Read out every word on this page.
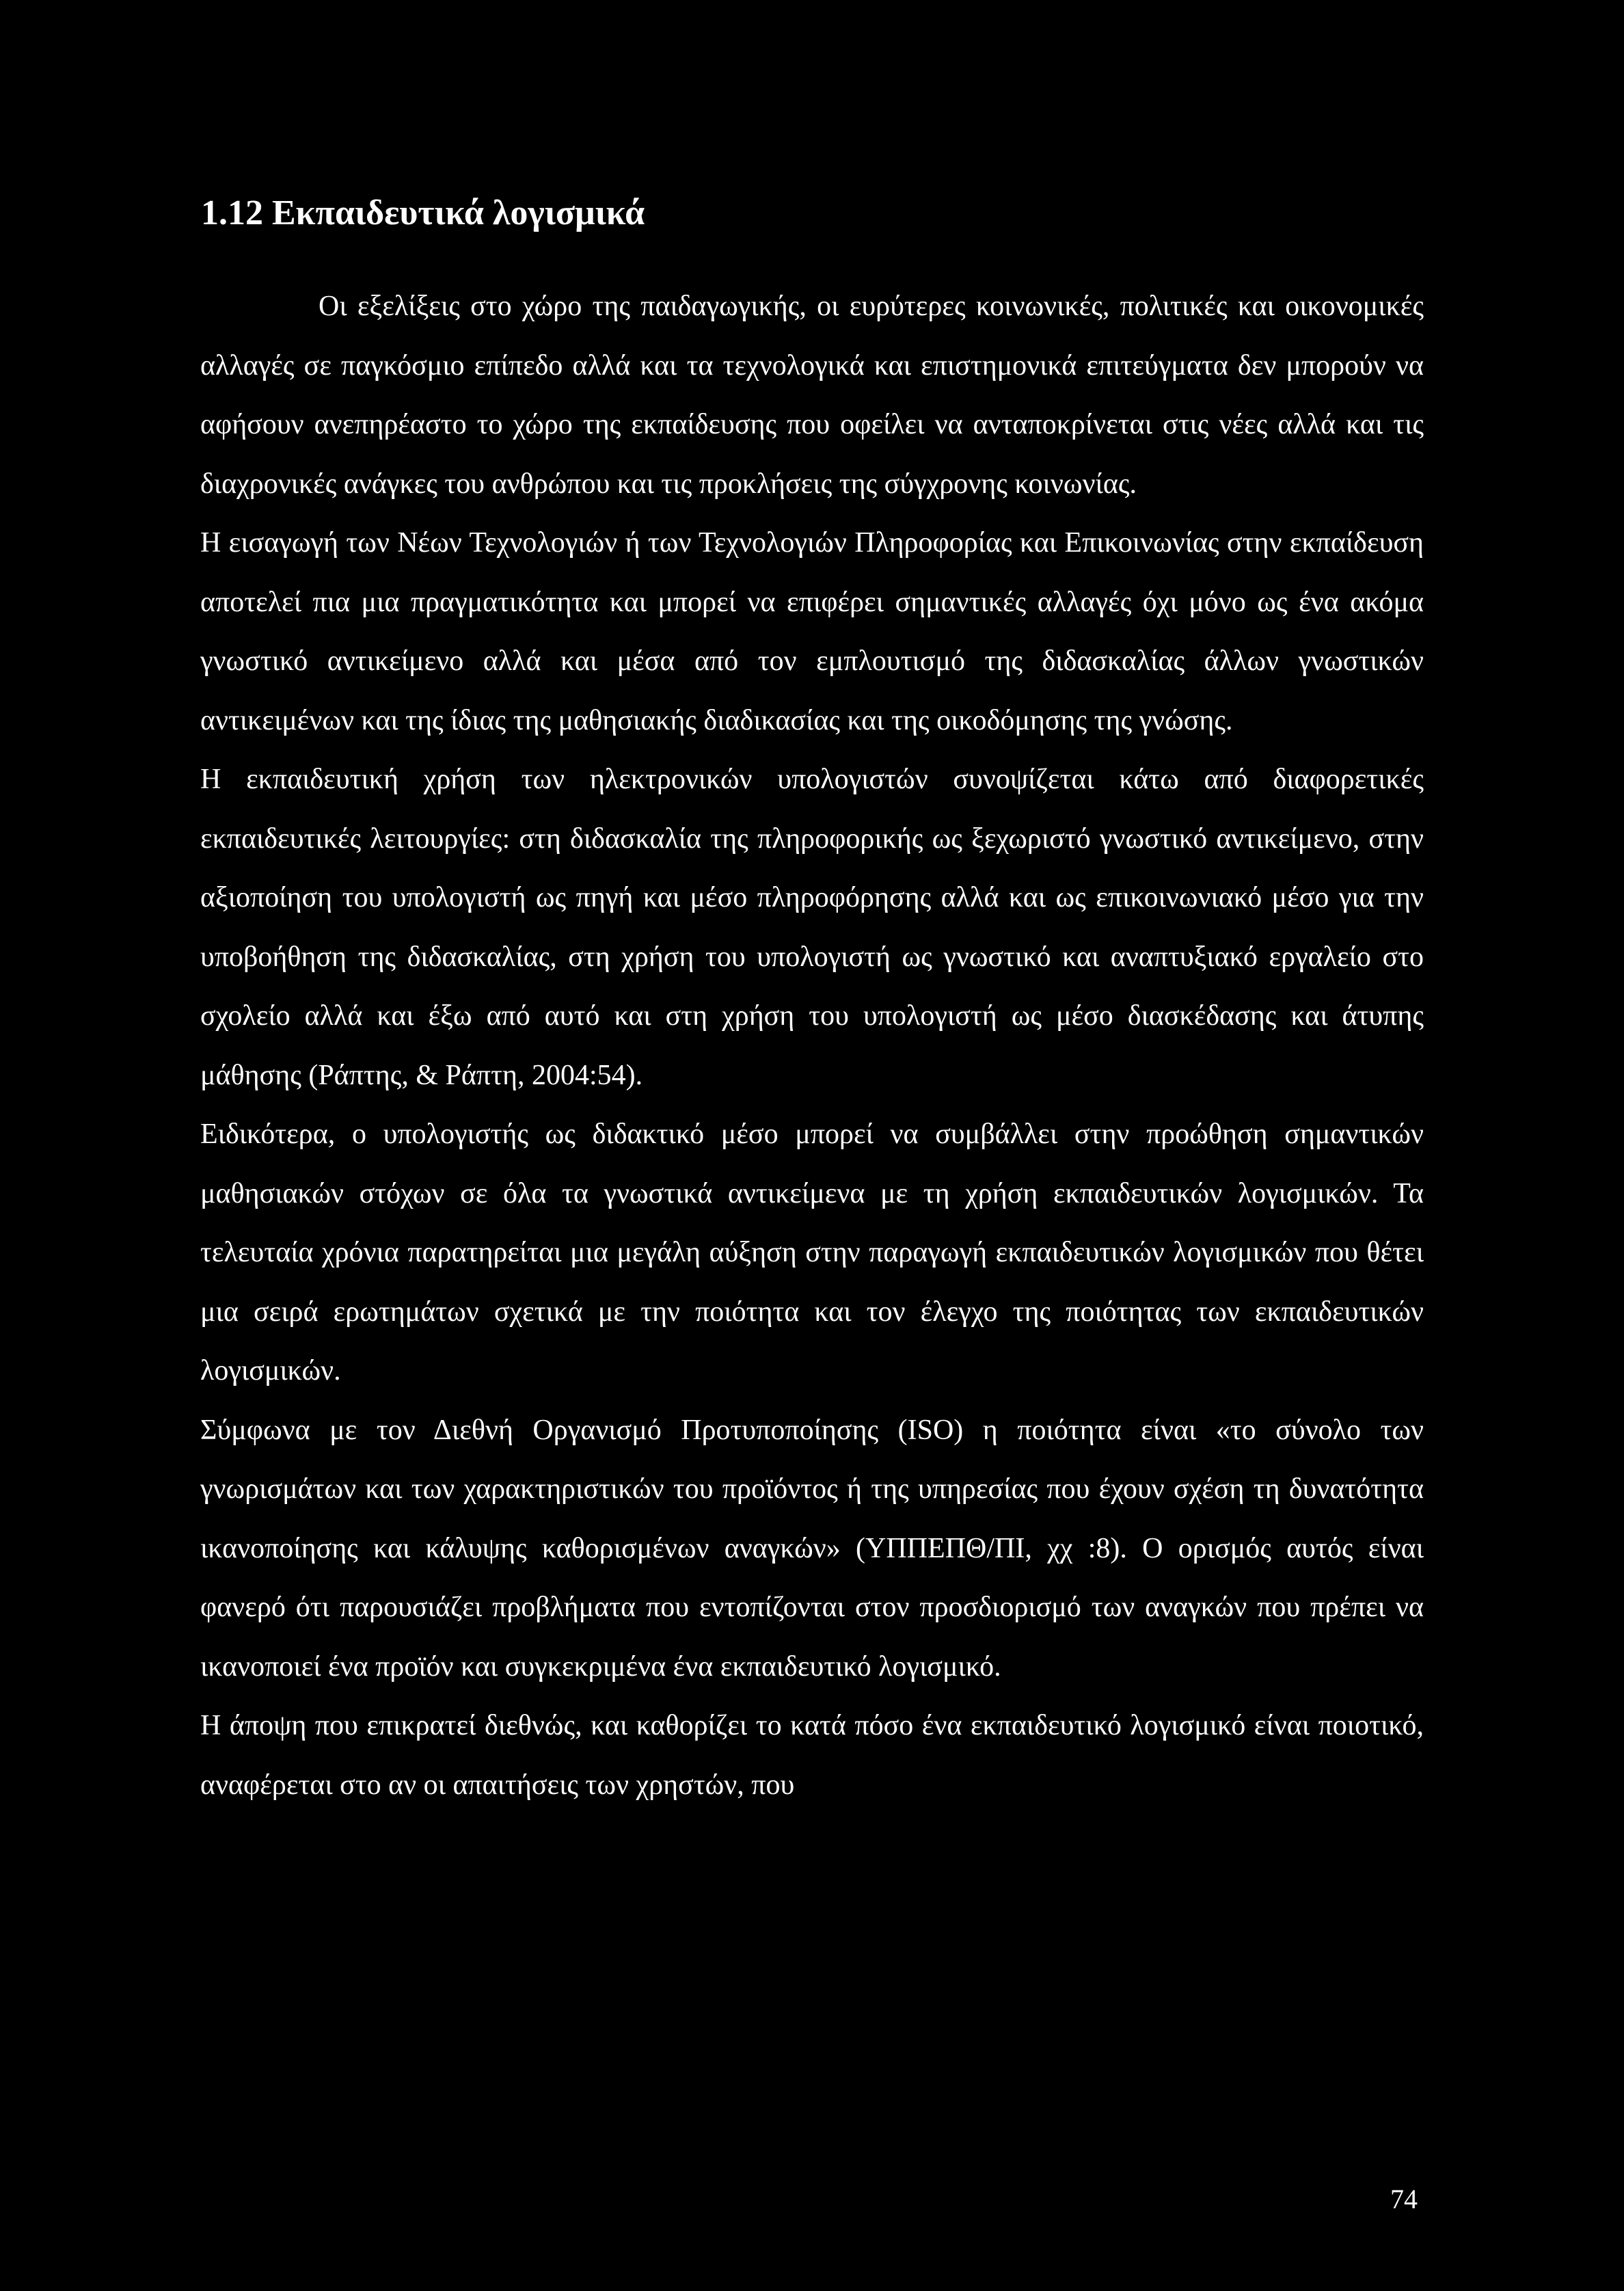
1.12 Εκπαιδευτικά λογισμικά

Οι εξελίξεις στο χώρο της παιδαγωγικής, οι ευρύτερες κοινωνικές, πολιτικές και οικονομικές αλλαγές σε παγκόσμιο επίπεδο αλλά και τα τεχνολογικά και επιστημονικά επιτεύγματα δεν μπορούν να αφήσουν ανεπηρέαστο το χώρο της εκπαίδευσης που οφείλει να ανταποκρίνεται στις νέες αλλά και τις διαχρονικές ανάγκες του ανθρώπου και τις προκλήσεις της σύγχρονης κοινωνίας.

Η εισαγωγή των Νέων Τεχνολογιών ή των Τεχνολογιών Πληροφορίας και Επικοινωνίας στην εκπαίδευση αποτελεί πια μια πραγματικότητα και μπορεί να επιφέρει σημαντικές αλλαγές όχι μόνο ως ένα ακόμα γνωστικό αντικείμενο αλλά και μέσα από τον εμπλουτισμό της διδασκαλίας άλλων γνωστικών αντικειμένων και της ίδιας της μαθησιακής διαδικασίας και της οικοδόμησης της γνώσης.

Η εκπαιδευτική χρήση των ηλεκτρονικών υπολογιστών συνοψίζεται κάτω από διαφορετικές εκπαιδευτικές λειτουργίες: στη διδασκαλία της πληροφορικής ως ξεχωριστό γνωστικό αντικείμενο, στην αξιοποίηση του υπολογιστή ως πηγή και μέσο πληροφόρησης αλλά και ως επικοινωνιακό μέσο για την υποβοήθηση της διδασκαλίας, στη χρήση του υπολογιστή ως γνωστικό και αναπτυξιακό εργαλείο στο σχολείο αλλά και έξω από αυτό και στη χρήση του υπολογιστή ως μέσο διασκέδασης και άτυπης μάθησης (Ράπτης, & Ράπτη, 2004:54).

Ειδικότερα, ο υπολογιστής ως διδακτικό μέσο μπορεί να συμβάλλει στην προώθηση σημαντικών μαθησιακών στόχων σε όλα τα γνωστικά αντικείμενα με τη χρήση εκπαιδευτικών λογισμικών. Τα τελευταία χρόνια παρατηρείται μια μεγάλη αύξηση στην παραγωγή εκπαιδευτικών λογισμικών που θέτει μια σειρά ερωτημάτων σχετικά με την ποιότητα και τον έλεγχο της ποιότητας των εκπαιδευτικών λογισμικών.

Σύμφωνα με τον Διεθνή Οργανισμό Προτυποποίησης (ISO) η ποιότητα είναι «το σύνολο των γνωρισμάτων και των χαρακτηριστικών του προϊόντος ή της υπηρεσίας που έχουν σχέση τη δυνατότητα ικανοποίησης και κάλυψης καθορισμένων αναγκών» (ΥΠΠΕΠΘ/ΠΙ, χχ :8). Ο ορισμός αυτός είναι φανερό ότι παρουσιάζει προβλήματα που εντοπίζονται στον προσδιορισμό των αναγκών που πρέπει να ικανοποιεί ένα προϊόν και συγκεκριμένα ένα εκπαιδευτικό λογισμικό.

Η άποψη που επικρατεί διεθνώς, και καθορίζει το κατά πόσο ένα εκπαιδευτικό λογισμικό είναι ποιοτικό, αναφέρεται στο αν οι απαιτήσεις των χρηστών, που

74
